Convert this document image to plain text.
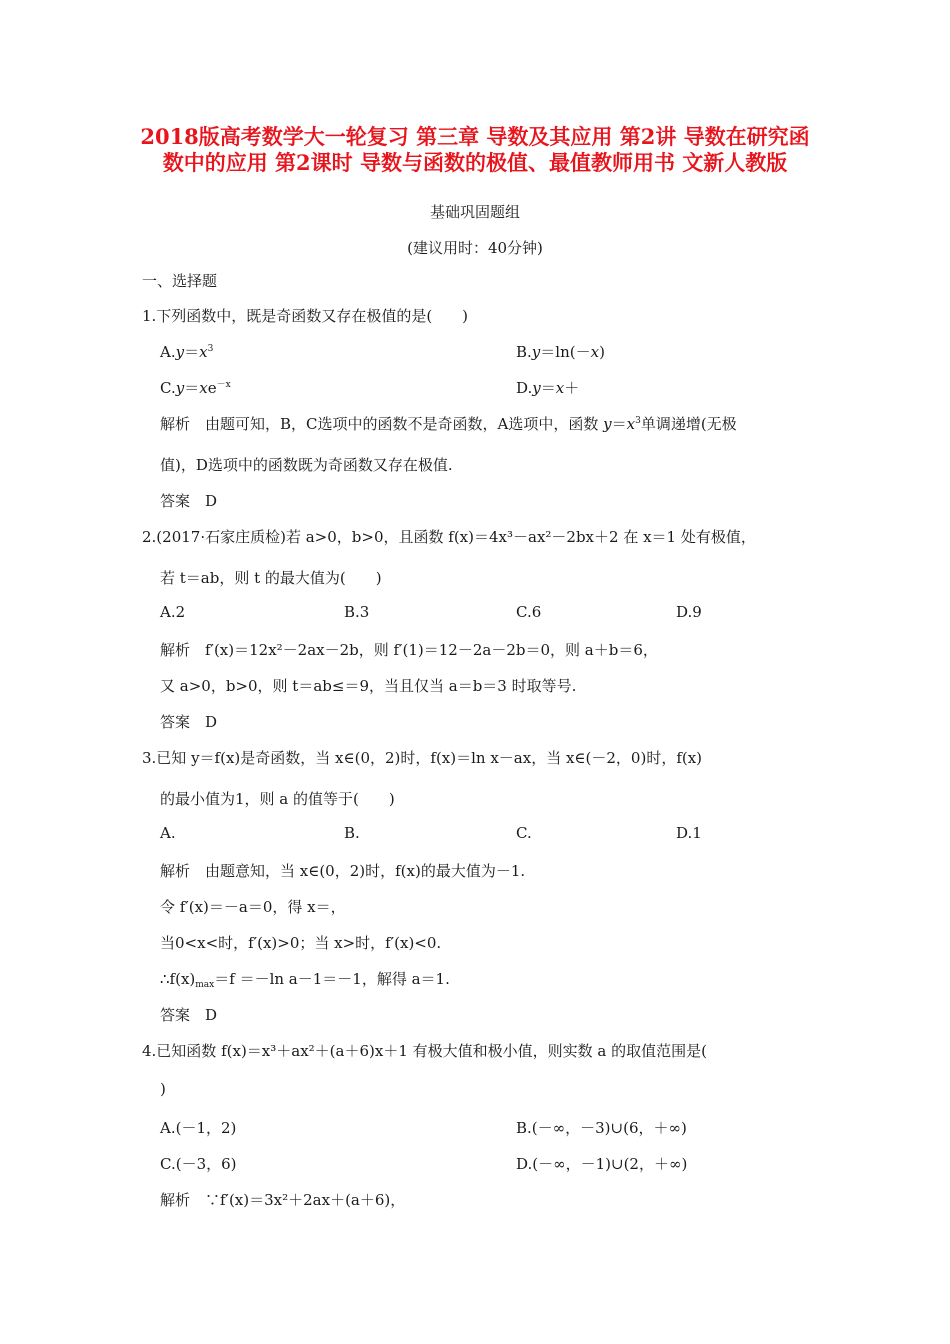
2018版高考数学大一轮复习 第三章 导数及其应用 第2讲 导数在研究函数中的应用 第2课时 导数与函数的极值、最值教师用书 文新人教版

基础巩固题组

(建议用时：40分钟)

一、选择题

1.下列函数中，既是奇函数又存在极值的是(　　)

$A.y=x^3$	B.y＝ln(－x)

$C.y=xe^{-x}$	D.y＝x＋

解析　由题可知，B，C选项中的函数不是奇函数，A选项中，函数 $y=x^3$单调递增(无极

值)，D选项中的函数既为奇函数又存在极值.

答案　D

2.(2017·石家庄质检)若 a>0，b>0，且函数 f(x)＝4x³－ax²－2bx＋2 在 x＝1 处有极值，

若 t＝ab，则 t 的最大值为(　　)

A.2	B.3	C.6	D.9

解析　f′(x)＝12x²－2ax－2b，则 f′(1)＝12－2a－2b＝0，则 a＋b＝6，

又 a>0，b>0，则 t＝ab≤＝9，当且仅当 a＝b＝3 时取等号.

答案　D

3.已知 y＝f(x)是奇函数，当 x∈(0，2)时，f(x)＝ln x－ax，当 x∈(－2，0)时，f(x)

的最小值为1，则 a 的值等于(　　)

A.	B.	C.	D.1

解析　由题意知，当 x∈(0，2)时，f(x)的最大值为－1.

令 f′(x)＝－a＝0，得 x＝，

当0<x<时，f′(x)>0；当 x>时，f′(x)<0.

$\therefore f(x)_{max}=f =-\ln$ a－1＝－1，解得 a＝1.

答案　D

4.已知函数 f(x)＝x³＋ax²＋(a＋6)x＋1 有极大值和极小值，则实数 a 的取值范围是(

)

A.(－1，2)	B.(－∞，－3)∪(6，＋∞)

C.(－3，6)	D.(－∞，－1)∪(2，＋∞)

解析　∵f′(x)＝3x²＋2ax＋(a＋6)，
